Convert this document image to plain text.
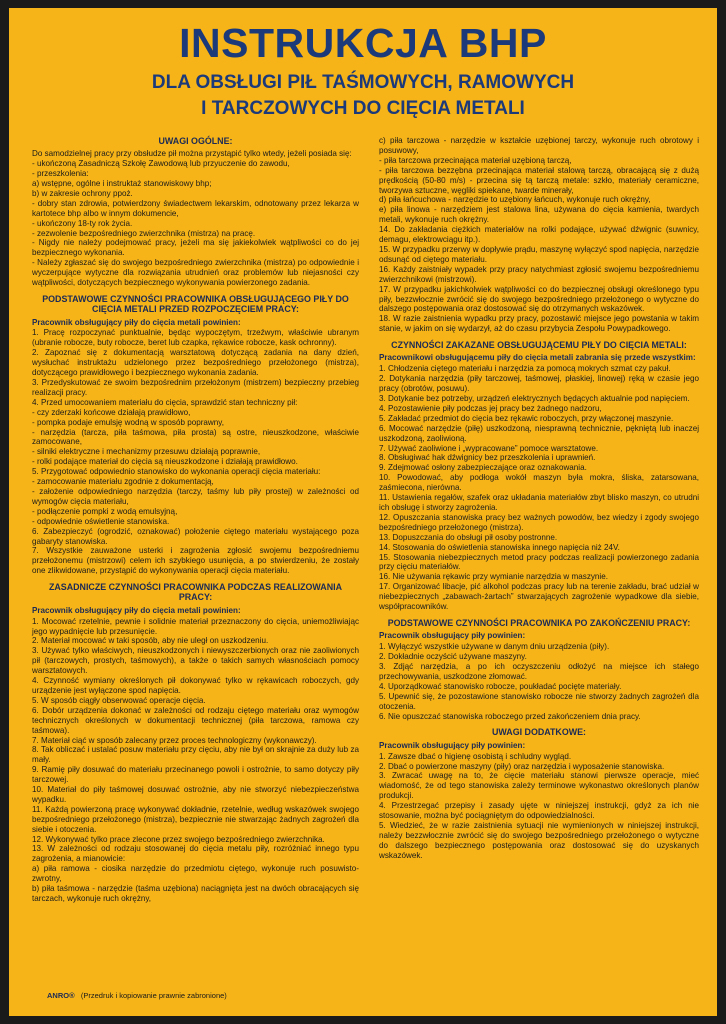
INSTRUKCJA BHP
DLA OBSŁUGI PIŁ TAŚMOWYCH, RAMOWYCH
I TARCZOWYCH DO CIĘCIA METALI
UWAGI OGÓLNE:
Do samodzielnej pracy przy obsłudze pił można przystąpić tylko wtedy, jeżeli posiada się:
- ukończoną Zasadniczą Szkołę Zawodową lub przyuczenie do zawodu,
- przeszkolenia:
a) wstępne, ogólne i instruktaż stanowiskowy bhp;
b) w zakresie ochrony ppoż.
- dobry stan zdrowia, potwierdzony świadectwem lekarskim, odnotowany przez lekarza w kartotece bhp albo w innym dokumencie,
- ukończony 18-ty rok życia.
- zezwolenie bezpośredniego zwierzchnika (mistrza) na pracę.
- Nigdy nie należy podejmować pracy, jeżeli ma się jakiekolwiek wątpliwości co do jej bezpiecznego wykonania.
- Należy zgłaszać się do swojego bezpośredniego zwierzchnika (mistrza) po odpowiednie i wyczerpujące wytyczne dla rozwiązania utrudnień oraz problemów lub niejasności czy wątpliwości, dotyczących bezpiecznego wykonywania powierzonego zadania.
PODSTAWOWE CZYNNOŚCI PRACOWNIKA OBSŁUGUJĄCEGO PIŁY DO CIĘCIA METALI PRZED ROZPOCZĘCIEM PRACY:
Pracownik obsługujący piły do cięcia metali powinien:
1. Pracę rozpoczynać punktualnie, będąc wypoczętym, trzeźwym, właściwie ubranym (ubranie robocze, buty robocze, beret lub czapka, rękawice robocze, kask ochronny).
2. Zapoznać się z dokumentacją warsztatową dotyczącą zadania na dany dzień, wysłuchać instruktażu udzielonego przez bezpośredniego przełożonego (mistrza), dotyczącego prawidłowego i bezpiecznego wykonania zadania.
3. Przedyskutować ze swoim bezpośrednim przełożonym (mistrzem) bezpieczny przebieg realizacji pracy.
4. Przed umocowaniem materiału do cięcia, sprawdzić stan techniczny pił:
- czy zderzaki końcowe działają prawidłowo,
- pompka podaje emulsję wodną w sposób poprawny,
- narzędzia (tarcza, piła taśmowa, piła prosta) są ostre, nieuszkodzone, właściwie zamocowane,
- silniki elektryczne i mechanizmy przesuwu działają poprawnie,
- rolki podające materiał do cięcia są nieuszkodzone i działają prawidłowo.
5. Przygotować odpowiednio stanowisko do wykonania operacji cięcia materiału:
- zamocowanie materiału zgodnie z dokumentacją,
- założenie odpowiedniego narzędzia (tarczy, taśmy lub piły prostej) w zależności od wymogów cięcia materiału,
- podłączenie pompki z wodą emulsyjną,
- odpowiednie oświetlenie stanowiska.
6. Zabezpieczyć (ogrodzić, oznakować) położenie ciętego materiału wystającego poza gabaryty stanowiska.
7. Wszystkie zauważone usterki i zagrożenia zgłosić swojemu bezpośredniemu przełożonemu (mistrzowi) celem ich szybkiego usunięcia, a po stwierdzeniu, że zostały one zlikwidowane, przystąpić do wykonywania operacji cięcia materiału.
ZASADNICZE CZYNNOŚCI PRACOWNIKA PODCZAS REALIZOWANIA PRACY:
Pracownik obsługujący piły do cięcia metali powinien:
1. Mocować rzetelnie, pewnie i solidnie materiał przeznaczony do cięcia, uniemożliwiając jego wypadnięcie lub przesunięcie.
2. Materiał mocować w taki sposób, aby nie uległ on uszkodzeniu.
3. Używać tylko właściwych, nieuszkodzonych i niewyszczerbionych oraz nie zaoliwionych pił (tarczowych, prostych, taśmowych), a także o takich samych własnościach pomocy warsztatowych.
4. Czynność wymiany określonych pił dokonywać tylko w rękawicach roboczych, gdy urządzenie jest wyłączone spod napięcia.
5. W sposób ciągły obserwować operacje cięcia.
6. Dobór urządzenia dokonać w zależności od rodzaju ciętego materiału oraz wymogów technicznych określonych w dokumentacji technicznej (piła tarczowa, ramowa czy taśmowa).
7. Materiał ciąć w sposób zalecany przez proces technologiczny (wykonawczy).
8. Tak obliczać i ustalać posuw materiału przy cięciu, aby nie był on skrajnie za duży lub za mały.
9. Ramię piły dosuwać do materiału przecinanego powoli i ostrożnie, to samo dotyczy piły tarczowej.
10. Materiał do piły taśmowej dosuwać ostrożnie, aby nie stworzyć niebezpieczeństwa wypadku.
11. Każdą powierzoną pracę wykonywać dokładnie, rzetelnie, według wskazówek swojego bezpośredniego przełożonego (mistrza), bezpiecznie nie stwarzając żadnych zagrożeń dla siebie i otoczenia.
12. Wykonywać tylko prace zlecone przez swojego bezpośredniego zwierzchnika.
13. W zależności od rodzaju stosowanej do cięcia metalu piły, rozróżniać innego typu zagrożenia, a mianowicie:
a) piła ramowa - ciosika narzędzie do przedmiotu ciętego, wykonuje ruch posuwisto-zwrotny,
b) piła taśmowa - narzędzie (taśma uzębiona) naciągnięta jest na dwóch obracających się tarczach, wykonuje ruch okrężny,
c) piła tarczowa - narzędzie w kształcie uzębionej tarczy, wykonuje ruch obrotowy i posuwowy,
- piła tarczowa przecinająca materiał uzębioną tarczą,
- piła tarczowa bezzębna przecinająca materiał stalową tarczą, obracającą się z dużą prędkością (50-80 m/s) - przecina się tą tarczą metale: szkło, materiały ceramiczne, tworzywa sztuczne, węgliki spiekane, twarde minerały,
d) piła łańcuchowa - narzędzie to uzębiony łańcuch, wykonuje ruch okrężny,
e) piła linowa - narzędziem jest stalowa lina, używana do cięcia kamienia, twardych metali, wykonuje ruch okrężny.
14. Do zakładania ciężkich materiałów na rolki podające, używać dźwignic (suwnicy, demagu, elektrowciągu itp.).
15. W przypadku przerwy w dopływie prądu, maszynę wyłączyć spod napięcia, narzędzie odsunąć od ciętego materiału.
16. Każdy zaistniały wypadek przy pracy natychmiast zgłosić swojemu bezpośredniemu zwierzchnikowi (mistrzowi).
17. W przypadku jakichkolwiek wątpliwości co do bezpiecznej obsługi określonego typu piły, bezzwłocznie zwrócić się do swojego bezpośredniego przełożonego o wytyczne do dalszego postępowania oraz dostosować się do otrzymanych wskazówek.
18. W razie zaistnienia wypadku przy pracy, pozostawić miejsce jego powstania w takim stanie, w jakim on się wydarzył, aż do czasu przybycia Zespołu Powypadkowego.
CZYNNOŚCI ZAKAZANE OBSŁUGUJĄCEMU PIŁY DO CIĘCIA METALI:
Pracownikowi obsługującemu piły do cięcia metali zabrania się przede wszystkim:
1. Chłodzenia ciętego materiału i narzędzia za pomocą mokrych szmat czy pakuł.
2. Dotykania narzędzia (piły tarczowej, taśmowej, płaskiej, linowej) ręką w czasie jego pracy (obrotów, posuwu).
3. Dotykanie bez potrzeby, urządzeń elektrycznych będących aktualnie pod napięciem.
4. Pozostawienie piły podczas jej pracy bez żadnego nadzoru,
5. Zakładać przedmiot do cięcia bez rękawic roboczych, przy włączonej maszynie.
6. Mocować narzędzie (piłę) uszkodzoną, niesprawną technicznie, pękniętą lub inaczej uszkodzoną, zaoliwioną.
7. Używać zaoliwione i „wypracowane” pomoce warsztatowe.
8. Obsługiwać hak dźwignicy bez przeszkolenia i uprawnień.
9. Zdejmować osłony zabezpieczające oraz oznakowania.
10. Powodować, aby podłoga wokół maszyn była mokra, śliska, zatarsowana, zaśmiecona, nierówna.
11. Ustawienia regałów, szafek oraz układania materiałów zbyt blisko maszyn, co utrudni ich obsługę i stworzy zagrożenia.
12. Opuszczania stanowiska pracy bez ważnych powodów, bez wiedzy i zgody swojego bezpośredniego przełożonego (mistrza).
13. Dopuszczania do obsługi pił osoby postronne.
14. Stosowania do oświetlenia stanowiska innego napięcia niż 24V.
15. Stosowania niebezpiecznych metod pracy podczas realizacji powierzonego zadania przy cięciu materiałów.
16. Nie używania rękawic przy wymianie narzędzia w maszynie.
17. Organizować libacje, pić alkohol podczas pracy lub na terenie zakładu, brać udział w niebezpiecznych „zabawach-żartach” stwarzających zagrożenie wypadkowe dla siebie, współpracowników.
PODSTAWOWE CZYNNOŚCI PRACOWNIKA PO ZAKOŃCZENIU PRACY:
Pracownik obsługujący piły powinien:
1. Wyłączyć wszystkie używane w danym dniu urządzenia (piły).
2. Dokładnie oczyścić używane maszyny.
3. Zdjąć narzędzia, a po ich oczyszczeniu odłożyć na miejsce ich stałego przechowywania, uszkodzone złomować.
4. Uporządkować stanowisko robocze, poukładać pocięte materiały.
5. Upewnić się, że pozostawione stanowisko robocze nie stworzy żadnych zagrożeń dla otoczenia.
6. Nie opuszczać stanowiska roboczego przed zakończeniem dnia pracy.
UWAGI DODATKOWE:
Pracownik obsługujący piły powinien:
1. Zawsze dbać o higienę osobistą i schludny wygląd.
2. Dbać o powierzone maszyny (piły) oraz narzędzia i wyposażenie stanowiska.
3. Zwracać uwagę na to, że cięcie materiału stanowi pierwsze operacje, mieć wiadomość, że od tego stanowiska zależy terminowe wykonastwo określonych planów produkcji.
4. Przestrzegać przepisy i zasady ujęte w niniejszej instrukcji, gdyż za ich nie stosowanie, można być pociągniętym do odpowiedzialności.
5. Wiedzieć, że w razie zaistnienia sytuacji nie wymienionych w niniejszej instrukcji, należy bezzwłocznie zwrócić się do swojego bezpośredniego przełożonego o wytyczne do dalszego bezpiecznego postępowania oraz dostosować się do uzyskanych wskazówek.
ANRO® (Przedruk i kopiowanie prawnie zabronione)
